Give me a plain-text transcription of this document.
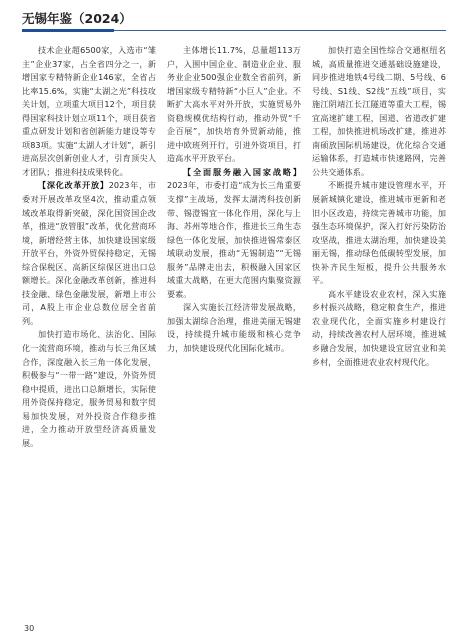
无锡年鉴（2024）

技术企业超6500家，入选市“雏主”企业37家，占全省四分之一，新增国家专精特新企业146家，全省占比率15.6%，实施“太湖之光”科技攻关计划，立项重大项目12个，项目获得国家科技计划立项11个，项目获省重点研发计划和省创新能力建设等专项83项。实施“太湖人才计划”，新引进高层次创新创业人才，引育顶尖人才团队；推进科技成果转化。

【深化改革开放】2023年，市委对开展改革攻坚4次，推动重点领域改革取得新突破，深化国资国企改革，推进“放管服”改革，优化营商环境，新增经营主体，加快建设国家级开放平台，外资外贸保持稳定，无锡综合保税区、高新区综保区进出口总额增长。深化金融改革创新，推进科技金融、绿色金融发展，新增上市公司，A股上市企业总数位居全省前列。

加快打造市场化、法治化、国际化一流营商环境，推动与长三角区域合作，深度融入长三角一体化发展，积极参与“一带一路”建设，外资外贸稳中提质，进出口总额增长，实际使用外资保持稳定，服务贸易和数字贸易加快发展，对外投资合作稳步推进，全力推动开放型经济高质量发展。

主体增长11.7%，总量超113万户，入围中国企业、制造业企业、服务业企业500强企业数全省前列，新增国家级专精特新“小巨人”企业。不断扩大高水平对外开放，实施贸易外资稳规模优结构行动，推动外贸“千企百展”，加快培育外贸新动能，推进中欧班列开行，引进外资项目，打造高水平开放平台。

【全面服务融入国家战略】2023年，市委打造“成为长三角重要支撑”主战场，发挥太湖湾科技创新带、锡澄锡宜一体化作用，深化与上海、苏州等地合作，推进长三角生态绿色一体化发展，加快推进锡常泰区域联动发展，推动“无锡制造”“无锡服务”品牌走出去，积极融入国家区域重大战略，在更大范围内集聚资源要素。

深入实施长江经济带发展战略，加强太湖综合治理，推进美丽无锡建设，持续提升城市能级和核心竞争力，加快建设现代化国际化城市。

加快打造全国性综合交通枢纽名城，高质量推进交通基础设施建设，同步推进地铁4号线二期、5号线、6号线、S1线、S2线“五线”项目，实施江阴靖江长江隧道等重大工程，锡宜高速扩建工程，国道、省道改扩建工程，加快推进机场改扩建，推进苏南硕放国际机场建设，优化综合交通运输体系，打造城市快速路网，完善公共交通体系。

不断提升城市建设管理水平，开展新城镇化建设，推进城市更新和老旧小区改造，持续完善城市功能，加强生态环境保护，深入打好污染防治攻坚战，推进太湖治理，加快建设美丽无锡，推动绿色低碳转型发展，加快补齐民生短板，提升公共服务水平。

高水平建设农业农村，深入实施乡村振兴战略，稳定粮食生产，推进农业现代化，全面实施乡村建设行动，持续改善农村人居环境，推进城乡融合发展，加快建设宜居宜业和美乡村，全面推进农业农村现代化。

30
